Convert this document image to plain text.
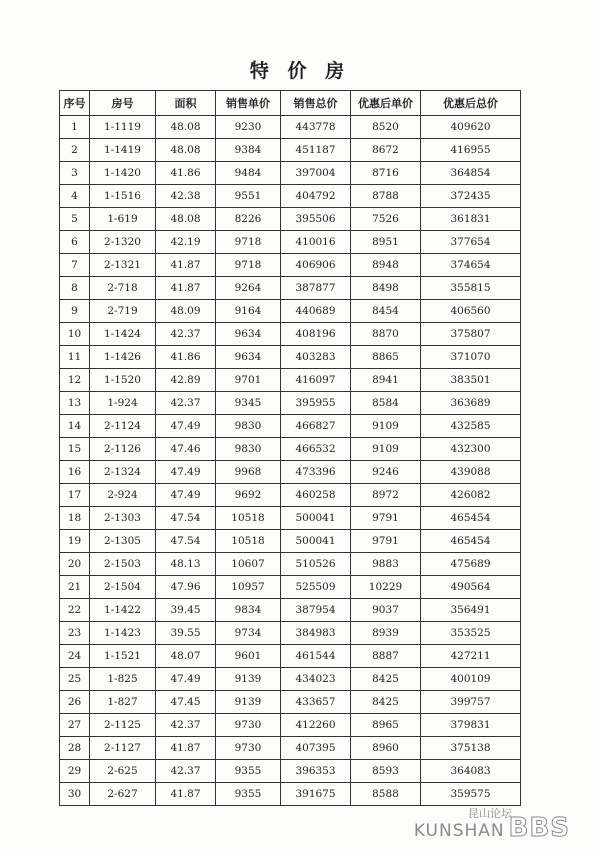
特 价 房
序号	房号	面积	销售单价	销售总价	优惠后单价	优惠后总价
1	1-1119	48.08	9230	443778	8520	409620
2	1-1419	48.08	9384	451187	8672	416955
3	1-1420	41.86	9484	397004	8716	364854
4	1-1516	42.38	9551	404792	8788	372435
5	1-619	48.08	8226	395506	7526	361831
6	2-1320	42.19	9718	410016	8951	377654
7	2-1321	41.87	9718	406906	8948	374654
8	2-718	41.87	9264	387877	8498	355815
9	2-719	48.09	9164	440689	8454	406560
10	1-1424	42.37	9634	408196	8870	375807
11	1-1426	41.86	9634	403283	8865	371070
12	1-1520	42.89	9701	416097	8941	383501
13	1-924	42.37	9345	395955	8584	363689
14	2-1124	47.49	9830	466827	9109	432585
15	2-1126	47.46	9830	466532	9109	432300
16	2-1324	47.49	9968	473396	9246	439088
17	2-924	47.49	9692	460258	8972	426082
18	2-1303	47.54	10518	500041	9791	465454
19	2-1305	47.54	10518	500041	9791	465454
20	2-1503	48.13	10607	510526	9883	475689
21	2-1504	47.96	10957	525509	10229	490564
22	1-1422	39.45	9834	387954	9037	356491
23	1-1423	39.55	9734	384983	8939	353525
24	1-1521	48.07	9601	461544	8887	427211
25	1-825	47.49	9139	434023	8425	400109
26	1-827	47.45	9139	433657	8425	399757
27	2-1125	42.37	9730	412260	8965	379831
28	2-1127	41.87	9730	407395	8960	375138
29	2-625	42.37	9355	396353	8593	364083
30	2-627	41.87	9355	391675	8588	359575
昆山论坛
KUNSHAN BBS
